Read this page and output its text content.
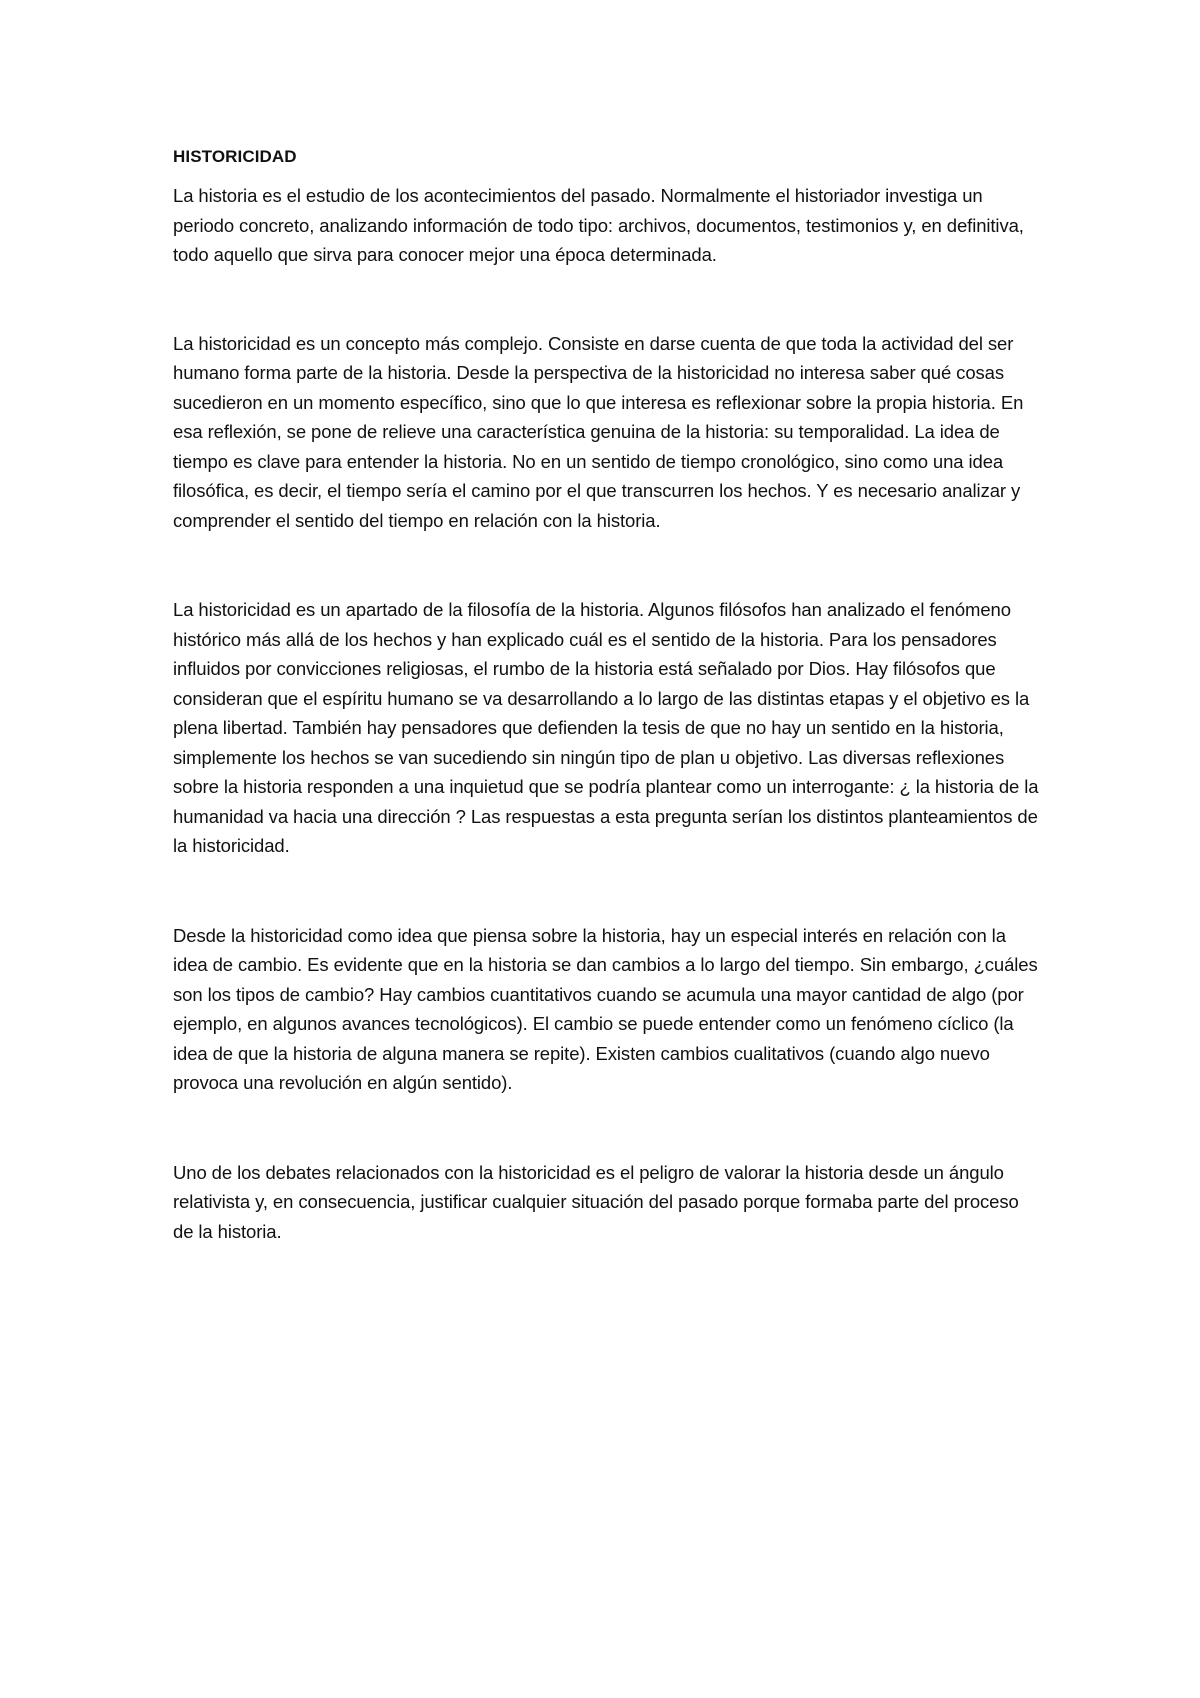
HISTORICIDAD

La historia es el estudio de los acontecimientos del pasado. Normalmente el historiador investiga un periodo concreto, analizando información de todo tipo: archivos, documentos, testimonios y, en definitiva, todo aquello que sirva para conocer mejor una época determinada.

La historicidad es un concepto más complejo. Consiste en darse cuenta de que toda la actividad del ser humano forma parte de la historia. Desde la perspectiva de la historicidad no interesa saber qué cosas sucedieron en un momento específico, sino que lo que interesa es reflexionar sobre la propia historia. En esa reflexión, se pone de relieve una característica genuina de la historia: su temporalidad. La idea de tiempo es clave para entender la historia. No en un sentido de tiempo cronológico, sino como una idea filosófica, es decir, el tiempo sería el camino por el que transcurren los hechos. Y es necesario analizar y comprender el sentido del tiempo en relación con la historia.

La historicidad es un apartado de la filosofía de la historia. Algunos filósofos han analizado el fenómeno histórico más allá de los hechos y han explicado cuál es el sentido de la historia. Para los pensadores influidos por convicciones religiosas, el rumbo de la historia está señalado por Dios. Hay filósofos que consideran que el espíritu humano se va desarrollando a lo largo de las distintas etapas y el objetivo es la plena libertad. También hay pensadores que defienden la tesis de que no hay un sentido en la historia, simplemente los hechos se van sucediendo sin ningún tipo de plan u objetivo. Las diversas reflexiones sobre la historia responden a una inquietud que se podría plantear como un interrogante: ¿ la historia de la humanidad va hacia una dirección ? Las respuestas a esta pregunta serían los distintos planteamientos de la historicidad.

Desde la historicidad como idea que piensa sobre la historia, hay un especial interés en relación con la idea de cambio. Es evidente que en la historia se dan cambios a lo largo del tiempo. Sin embargo, ¿cuáles son los tipos de cambio? Hay cambios cuantitativos cuando se acumula una mayor cantidad de algo (por ejemplo, en algunos avances tecnológicos). El cambio se puede entender como un fenómeno cíclico (la idea de que la historia de alguna manera se repite). Existen cambios cualitativos (cuando algo nuevo provoca una revolución en algún sentido).

Uno de los debates relacionados con la historicidad es el peligro de valorar la historia desde un ángulo relativista y, en consecuencia, justificar cualquier situación del pasado porque formaba parte del proceso de la historia.
